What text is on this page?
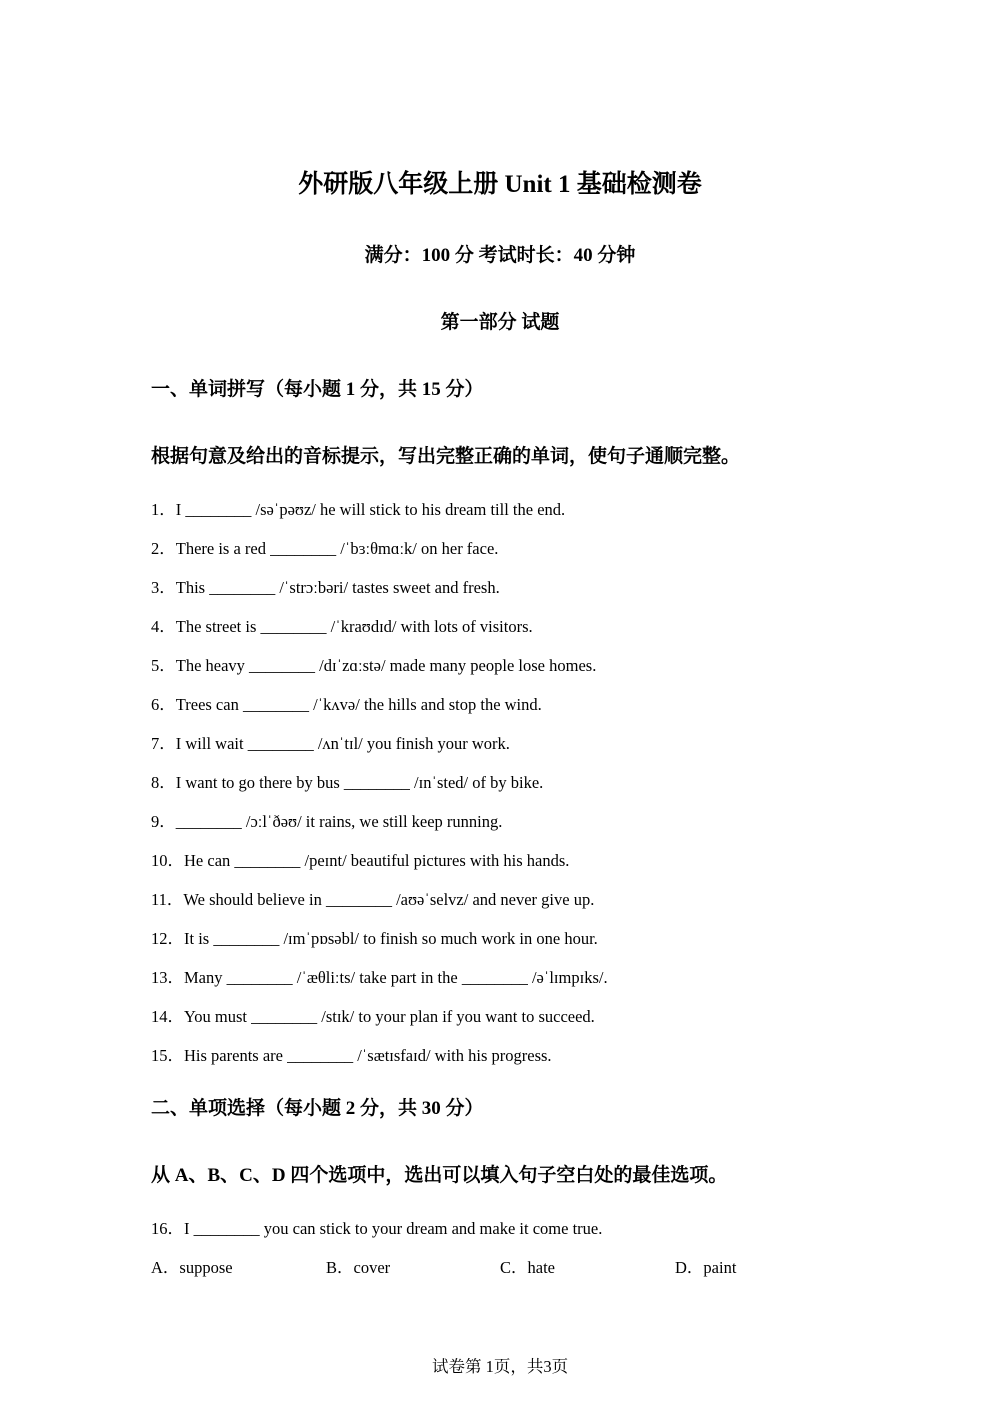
外研版八年级上册 Unit 1 基础检测卷
满分：100 分 考试时长：40 分钟
第一部分 试题
一、单词拼写（每小题 1 分，共 15 分）
根据句意及给出的音标提示，写出完整正确的单词，使句子通顺完整。
1．I ________ /səˈpəʊz/ he will stick to his dream till the end.
2．There is a red ________ /ˈbɜːθmɑːk/ on her face.
3．This ________ /ˈstrɔːbəri/ tastes sweet and fresh.
4．The street is ________ /ˈkraʊdɪd/ with lots of visitors.
5．The heavy ________ /dɪˈzɑːstə/ made many people lose homes.
6．Trees can ________ /ˈkʌvə/ the hills and stop the wind.
7．I will wait ________ /ʌnˈtɪl/ you finish your work.
8．I want to go there by bus ________ /ɪnˈsted/ of by bike.
9．________ /ɔːlˈðəʊ/ it rains, we still keep running.
10．He can ________ /peɪnt/ beautiful pictures with his hands.
11．We should believe in ________ /aʊəˈselvz/ and never give up.
12．It is ________ /ɪmˈpɒsəbl/ to finish so much work in one hour.
13．Many ________ /ˈæθliːts/ take part in the ________ /əˈlɪmpɪks/.
14．You must ________ /stɪk/ to your plan if you want to succeed.
15．His parents are ________ /ˈsætɪsfaɪd/ with his progress.
二、单项选择（每小题 2 分，共 30 分）
从 A、B、C、D 四个选项中，选出可以填入句子空白处的最佳选项。
16．I ________ you can stick to your dream and make it come true.
A．suppose	B．cover	C．hate	D．paint
试卷第 1页，共3页
